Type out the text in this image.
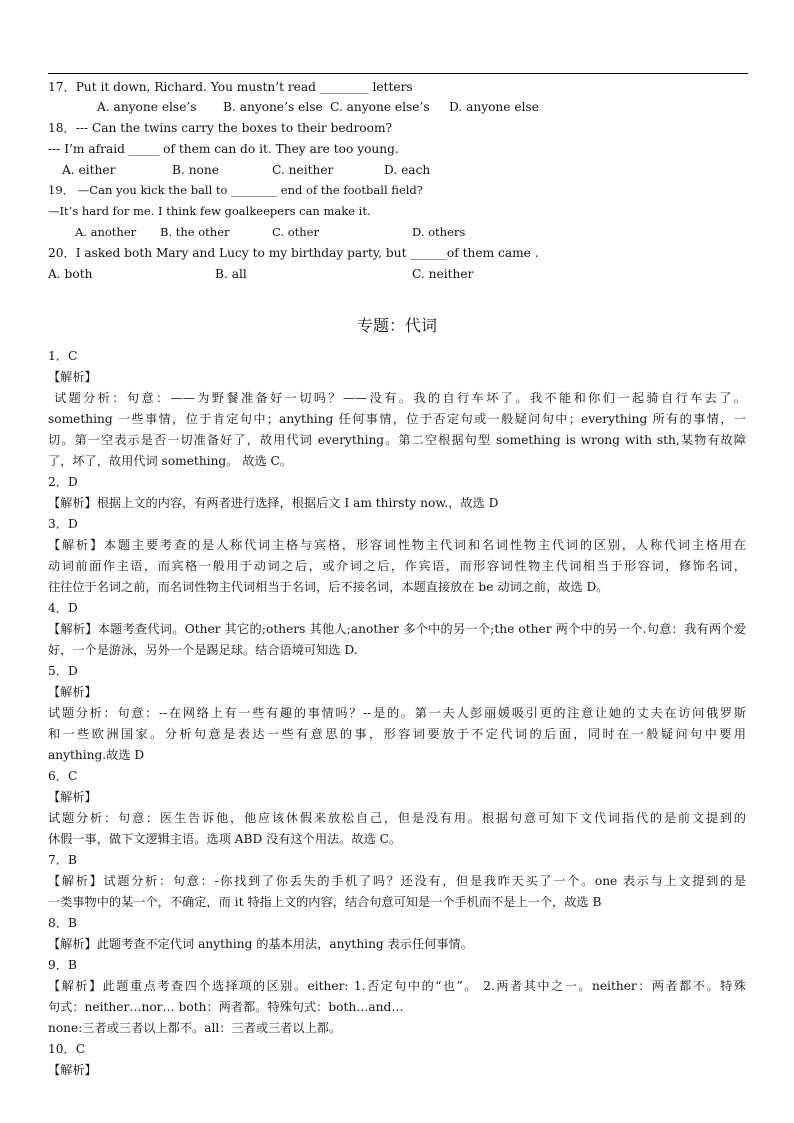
17．Put it down, Richard. You mustn’t read ________ letters
A. anyone else’s B. anyone’s else C. anyone else’s D. anyone else
18．--- Can the twins carry the boxes to their bedroom?
--- I’m afraid _____ of them can do it. They are too young.
A. either	B. none	C. neither	D. each
19． —Can you kick the ball to ________ end of the football field?
—It’s hard for me. I think few goalkeepers can make it.
A. another B. the other	C. other	D. others
20．I asked both Mary and Lucy to my birthday party, but ______of them came .
A. both	B. all	C. neither
专题：代词
1．C
【解析】
试题分析：句意：——为野餐准备好一切吗？——没有。我的自行车坏了。我不能和你们一起骑自行车去了。
something 一些事情，位于肯定句中；anything 任何事情，位于否定句或一般疑问句中；everything 所有的事情，一
切。第一空表示是否一切准备好了，故用代词 everything。第二空根据句型 something is wrong with sth,某物有故障
了，坏了，故用代词 something。 故选 C。
2．D
【解析】根据上文的内容，有两者进行选择，根据后文 I am thirsty now.，故选 D
3．D
【解析】本题主要考查的是人称代词主格与宾格，形容词性物主代词和名词性物主代词的区别，人称代词主格用在
动词前面作主语，而宾格一般用于动词之后，或介词之后，作宾语，而形容词性物主代词相当于形容词，修饰名词，
往往位于名词之前，而名词性物主代词相当于名词，后不接名词，本题直接放在 be 动词之前，故选 D。
4．D
【解析】本题考查代词。Other 其它的;others 其他人;another 多个中的另一个;the other 两个中的另一个.句意：我有两个爱
好，一个是游泳，另外一个是踢足球。结合语境可知选 D.
5．D
【解析】
试题分析：句意：--在网络上有一些有趣的事情吗？--是的。第一夫人彭丽媛吸引更的注意让她的丈夫在访问俄罗斯
和一些欧洲国家。分析句意是表达一些有意思的事，形容词要放于不定代词的后面，同时在一般疑问句中要用
anything.故选 D
6．C
【解析】
试题分析：句意：医生告诉他，他应该休假来放松自己，但是没有用。根据句意可知下文代词指代的是前文提到的
休假一事，做下文逻辑主语。选项 ABD 没有这个用法。故选 C。
7．B
【解析】试题分析：句意：-你找到了你丢失的手机了吗？还没有，但是我昨天买了一个。one 表示与上文提到的是
一类事物中的某一个，不确定，而 it 特指上文的内容，结合句意可知是一个手机而不是上一个，故选 B
8．B
【解析】此题考查不定代词 anything 的基本用法，anything 表示任何事情。
9．B
【解析】此题重点考查四个选择项的区别。either: 1.否定句中的“也”。 2.两者其中之一。neither：两者都不。特殊
句式：neither…nor… both：两者都。特殊句式：both…and…
none:三者或三者以上都不。all：三者或三者以上都。
10．C
【解析】
